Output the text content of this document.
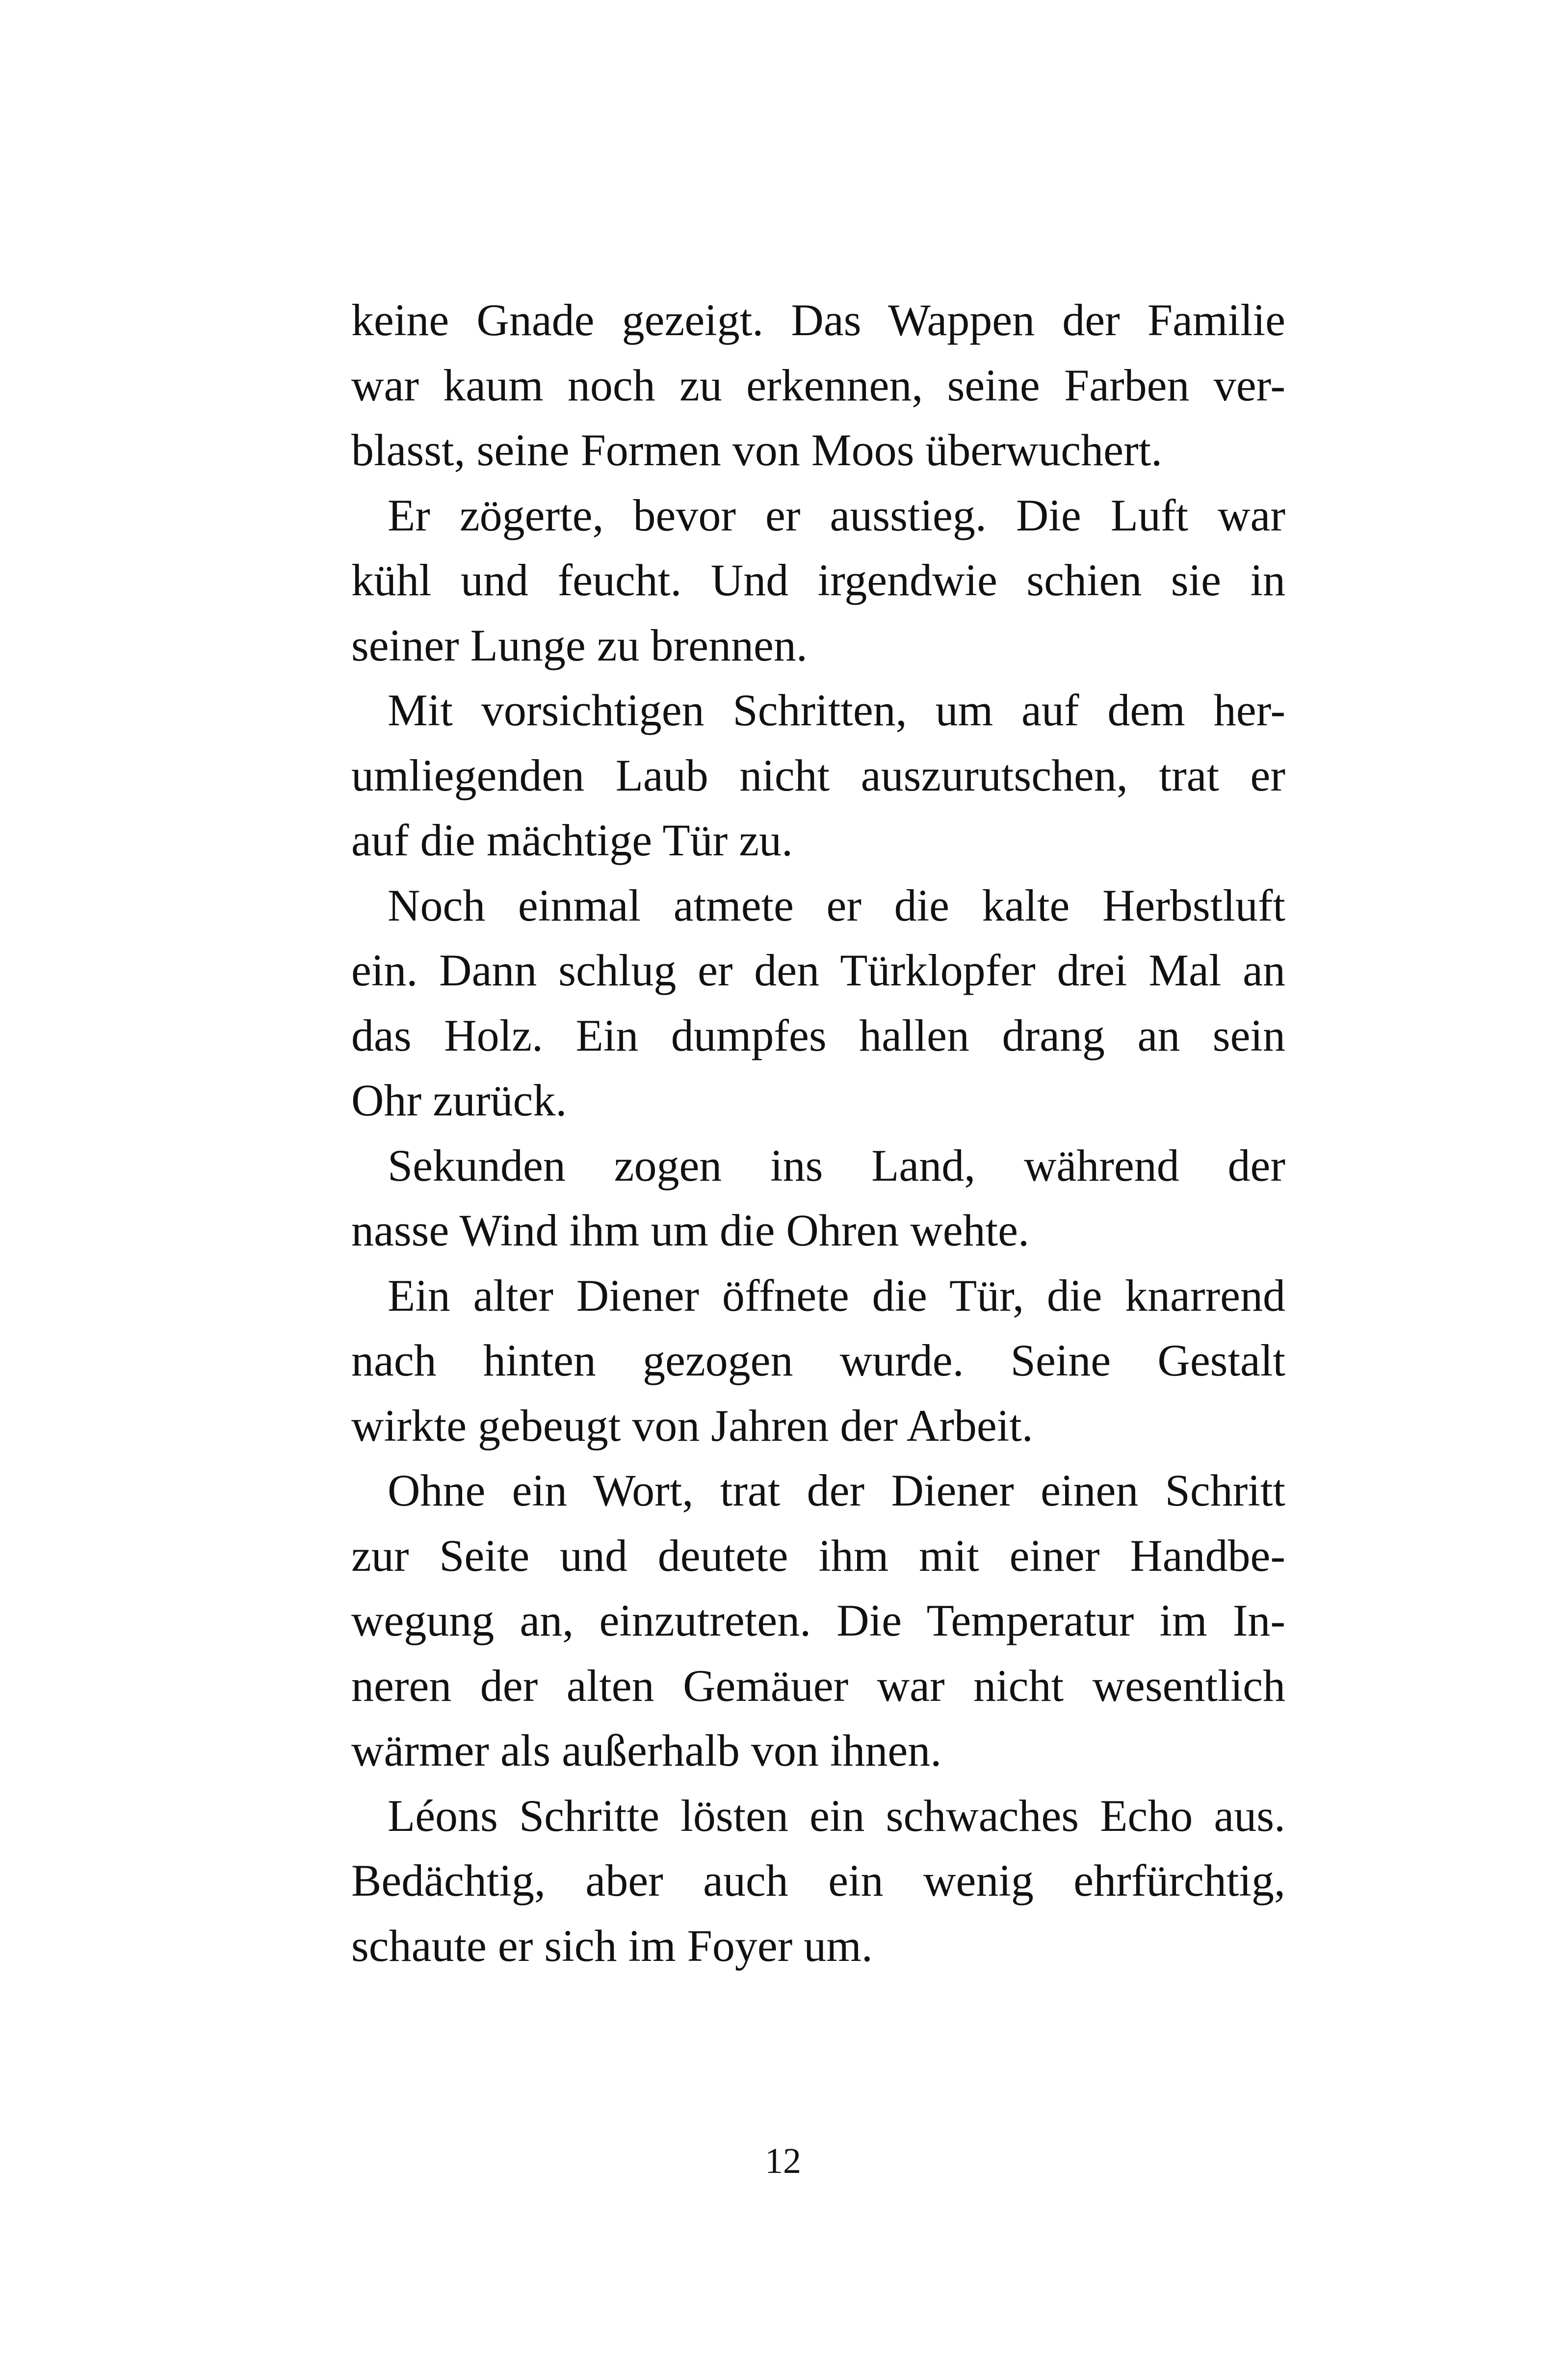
keine Gnade gezeigt. Das Wappen der Familie
war kaum noch zu erkennen, seine Farben ver-
blasst, seine Formen von Moos überwuchert.
Er zögerte, bevor er ausstieg. Die Luft war
kühl und feucht. Und irgendwie schien sie in
seiner Lunge zu brennen.
Mit vorsichtigen Schritten, um auf dem her-
umliegenden Laub nicht auszurutschen, trat er
auf die mächtige Tür zu.
Noch einmal atmete er die kalte Herbstluft
ein. Dann schlug er den Türklopfer drei Mal an
das Holz. Ein dumpfes hallen drang an sein
Ohr zurück.
Sekunden zogen ins Land, während der
nasse Wind ihm um die Ohren wehte.
Ein alter Diener öffnete die Tür, die knarrend
nach hinten gezogen wurde. Seine Gestalt
wirkte gebeugt von Jahren der Arbeit.
Ohne ein Wort, trat der Diener einen Schritt
zur Seite und deutete ihm mit einer Handbe-
wegung an, einzutreten. Die Temperatur im In-
neren der alten Gemäuer war nicht wesentlich
wärmer als außerhalb von ihnen.
Léons Schritte lösten ein schwaches Echo aus.
Bedächtig, aber auch ein wenig ehrfürchtig,
schaute er sich im Foyer um.
12
